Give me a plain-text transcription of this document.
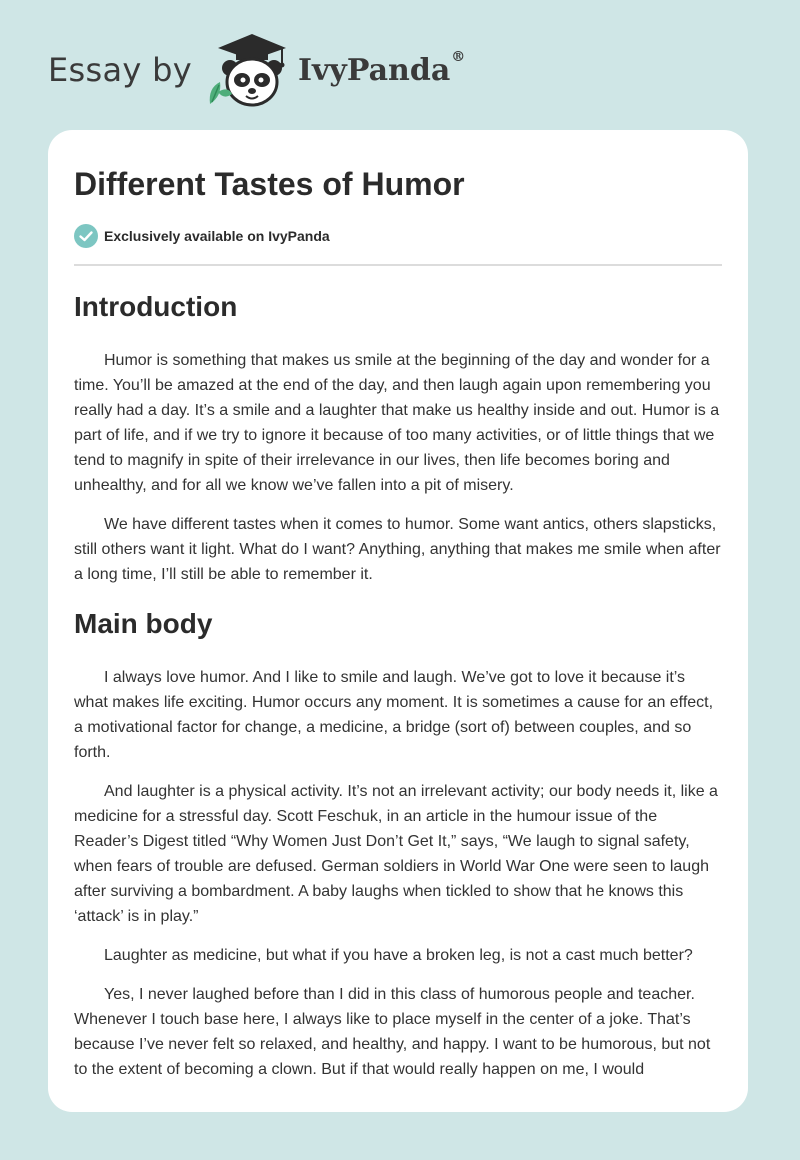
Essay by	IvyPanda®
Different Tastes of Humor
Exclusively available on IvyPanda
Introduction

Humor is something that makes us smile at the beginning of the day and wonder for a time. You’ll be amazed at the end of the day, and then laugh again upon remembering you really had a day. It’s a smile and a laughter that make us healthy inside and out. Humor is a part of life, and if we try to ignore it because of too many activities, or of little things that we tend to magnify in spite of their irrelevance in our lives, then life becomes boring and unhealthy, and for all we know we’ve fallen into a pit of misery.

We have different tastes when it comes to humor. Some want antics, others slapsticks, still others want it light. What do I want? Anything, anything that makes me smile when after a long time, I’ll still be able to remember it.

Main body

I always love humor. And I like to smile and laugh. We’ve got to love it because it’s what makes life exciting. Humor occurs any moment. It is sometimes a cause for an effect, a motivational factor for change, a medicine, a bridge (sort of) between couples, and so forth.

And laughter is a physical activity. It’s not an irrelevant activity; our body needs it, like a medicine for a stressful day. Scott Feschuk, in an article in the humour issue of the Reader’s Digest titled “Why Women Just Don’t Get It,” says, “We laugh to signal safety, when fears of trouble are defused. German soldiers in World War One were seen to laugh after surviving a bombardment. A baby laughs when tickled to show that he knows this ‘attack’ is in play.”

Laughter as medicine, but what if you have a broken leg, is not a cast much better?

Yes, I never laughed before than I did in this class of humorous people and teacher. Whenever I touch base here, I always like to place myself in the center of a joke. That’s because I’ve never felt so relaxed, and healthy, and happy. I want to be humorous, but not to the extent of becoming a clown. But if that would really happen on me, I would
